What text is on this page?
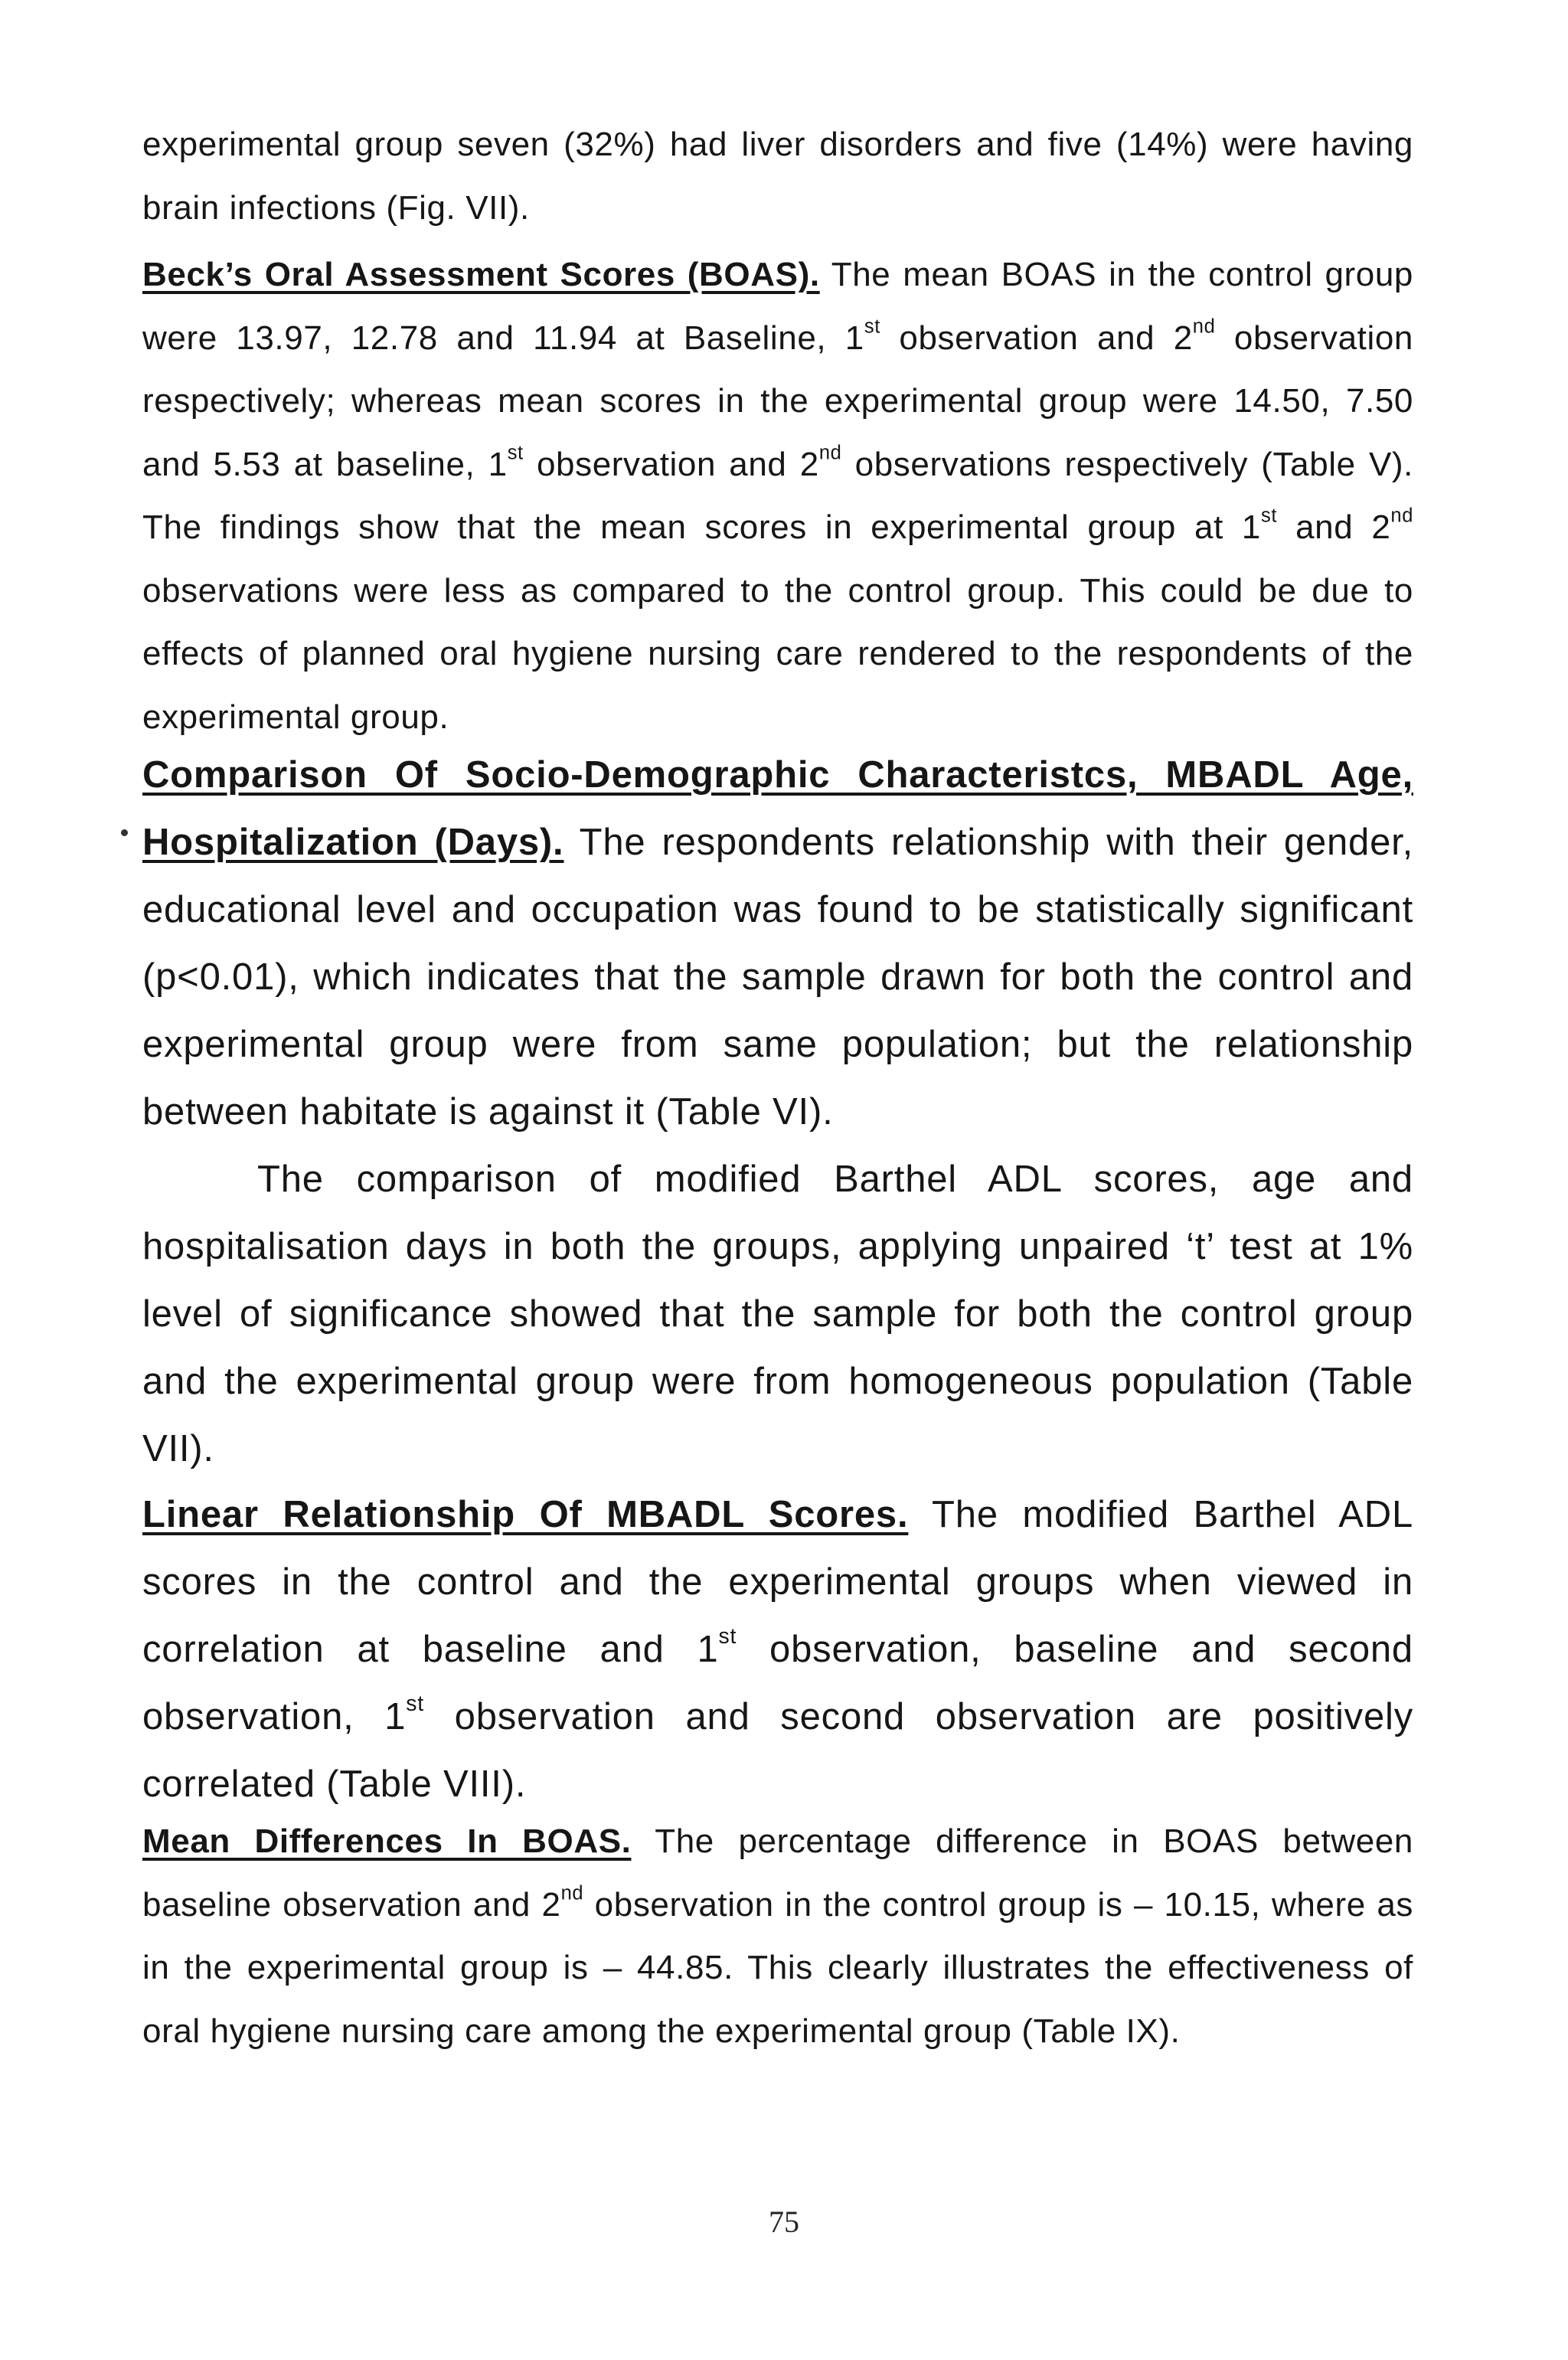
experimental group seven (32%) had liver disorders and five (14%) were having brain infections (Fig. VII).

Beck’s Oral Assessment Scores (BOAS). The mean BOAS in the control group were 13.97, 12.78 and 11.94 at Baseline, 1st observation and 2nd observation respectively; whereas mean scores in the experimental group were 14.50, 7.50 and 5.53 at baseline, 1st observation and 2nd observations respectively (Table V). The findings show that the mean scores in experimental group at 1st and 2nd observations were less as compared to the control group. This could be due to effects of planned oral hygiene nursing care rendered to the respondents of the experimental group.

Comparison Of Socio-Demographic Characteristcs, MBADL Age, Hospitalization (Days). The respondents relationship with their gender, educational level and occupation was found to be statistically significant (p<0.01), which indicates that the sample drawn for both the control and experimental group were from same population; but the relationship between habitate is against it (Table VI).

The comparison of modified Barthel ADL scores, age and hospitalisation days in both the groups, applying unpaired ‘t’ test at 1% level of significance showed that the sample for both the control group and the experimental group were from homogeneous population (Table VII).

Linear Relationship Of MBADL Scores. The modified Barthel ADL scores in the control and the experimental groups when viewed in correlation at baseline and 1st observation, baseline and second observation, 1st observation and second observation are positively correlated (Table VIII).

Mean Differences In BOAS. The percentage difference in BOAS between baseline observation and 2nd observation in the control group is – 10.15, where as in the experimental group is – 44.85. This clearly illustrates the effectiveness of oral hygiene nursing care among the experimental group (Table IX).

75
